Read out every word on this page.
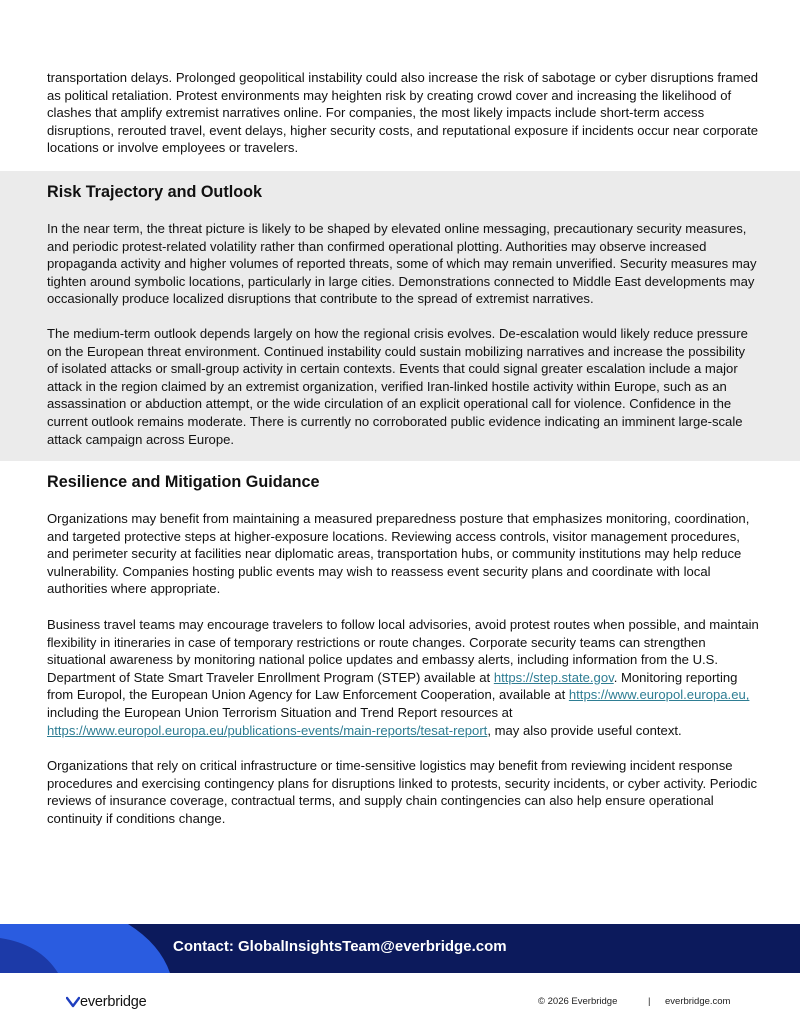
transportation delays. Prolonged geopolitical instability could also increase the risk of sabotage or cyber disruptions framed as political retaliation. Protest environments may heighten risk by creating crowd cover and increasing the likelihood of clashes that amplify extremist narratives online. For companies, the most likely impacts include short-term access disruptions, rerouted travel, event delays, higher security costs, and reputational exposure if incidents occur near corporate locations or involve employees or travelers.

Risk Trajectory and Outlook

In the near term, the threat picture is likely to be shaped by elevated online messaging, precautionary security measures, and periodic protest-related volatility rather than confirmed operational plotting. Authorities may observe increased propaganda activity and higher volumes of reported threats, some of which may remain unverified. Security measures may tighten around symbolic locations, particularly in large cities. Demonstrations connected to Middle East developments may occasionally produce localized disruptions that contribute to the spread of extremist narratives.

The medium-term outlook depends largely on how the regional crisis evolves. De-escalation would likely reduce pressure on the European threat environment. Continued instability could sustain mobilizing narratives and increase the possibility of isolated attacks or small-group activity in certain contexts. Events that could signal greater escalation include a major attack in the region claimed by an extremist organization, verified Iran-linked hostile activity within Europe, such as an assassination or abduction attempt, or the wide circulation of an explicit operational call for violence. Confidence in the current outlook remains moderate. There is currently no corroborated public evidence indicating an imminent large-scale attack campaign across Europe.

Resilience and Mitigation Guidance

Organizations may benefit from maintaining a measured preparedness posture that emphasizes monitoring, coordination, and targeted protective steps at higher-exposure locations. Reviewing access controls, visitor management procedures, and perimeter security at facilities near diplomatic areas, transportation hubs, or community institutions may help reduce vulnerability. Companies hosting public events may wish to reassess event security plans and coordinate with local authorities where appropriate.

Business travel teams may encourage travelers to follow local advisories, avoid protest routes when possible, and maintain flexibility in itineraries in case of temporary restrictions or route changes. Corporate security teams can strengthen situational awareness by monitoring national police updates and embassy alerts, including information from the U.S. Department of State Smart Traveler Enrollment Program (STEP) available at https://step.state.gov. Monitoring reporting from Europol, the European Union Agency for Law Enforcement Cooperation, available at https://www.europol.europa.eu, including the European Union Terrorism Situation and Trend Report resources at https://www.europol.europa.eu/publications-events/main-reports/tesat-report, may also provide useful context.

Organizations that rely on critical infrastructure or time-sensitive logistics may benefit from reviewing incident response procedures and exercising contingency plans for disruptions linked to protests, security incidents, or cyber activity. Periodic reviews of insurance coverage, contractual terms, and supply chain contingencies can also help ensure operational continuity if conditions change.

Contact: GlobalInsightsTeam@everbridge.com
everbridge	© 2026 Everbridge	| everbridge.com
